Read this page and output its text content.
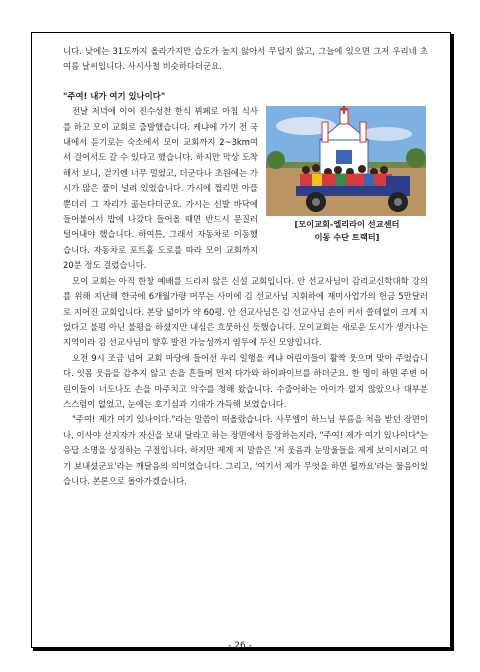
니다. 낮에는 31도까지 올라가지만 습도가 높지 않아서 무덥지 않고, 그늘에 있으면 그저 우리네 초여름 날씨입니다. 사시사철 비슷하다더군요.

"주여! 내가 여기 있나이다"

[모이교회-엘리라이 선교센터
이동 수단 트랙터]

전날 저녁에 이어 진수성찬 한식 뷔페로 아침 식사를 하고 모이 교회로 출발했습니다. 케냐에 가기 전 국내에서 듣기로는 숙소에서 모이 교회까지 2~3km여서 걸어서도 갈 수 있다고 했습니다. 하지만 막상 도착해서 보니, 걷기엔 너무 멀었고, 더군다나 초원에는 가시가 많은 풀이 널려 있었습니다. 가시에 찔리면 아플뿐더러 그 자리가 곪는다더군요. 가시는 신발 바닥에 들어붙어서 밥에 나갔다 들어올 때면 반드시 문질러 털어내야 했습니다. 하여튼, 그래서 자동차로 이동했습니다. 자동차로 포트홀 도로를 따라 모이 교회까지 20분 정도 걸렸습니다.

모이 교회는 아직 한창 예배를 드리지 않은 신설 교회입니다. 안 선교사님이 감리교신학대학 강의를 위해 지난해 한국에 6개월가량 머무는 사이에 김 선교사님 지휘하에 재미사업가의 헌금 5만달러로 지어진 교회입니다. 본당 넓이가 약 60평. 안 선교사님은 김 선교사님 손이 커서 쓸데없이 크게 지었다고 불평 아닌 불평을 하셨지만 내심은 흐뭇하신 듯했습니다. 모이교회는 새로운 도시가 생겨나는 지역이라 김 선교사님이 향후 발전 가능성까지 염두에 두신 모양입니다.

오전 9시 조금 넘어 교회 마당에 들어선 우리 일행을 케냐 어린이들이 활짝 웃으며 맞아 주었습니다. 잇몸 웃음을 감추지 않고 손을 흔들며 먼저 다가와 하이파이브를 하더군요. 한 명이 하면 주변 어린이들이 너도나도 손을 마주치고 악수를 청해 왔습니다. 수줍어하는 아이가 없지 않았으나 대부분 스스럼이 없었고, 눈에는 호기심과 기대가 가득해 보였습니다.

"주여! 제가 여기 있나이다."라는 말씀이 떠올랐습니다. 사무엘이 하느님 부름을 처음 받던 장면이나, 이사야 선지자가 자신을 보내 달라고 하는 장면에서 등장하는지라, "주여! 제가 여기 있나이다"는 응답 소명을 상징하는 구절입니다. 하지만 제게 저 말씀은 '저 웃음과 눈망울들을 제게 보이시려고 여기 보내셨군요'라는 깨달음의 의미였습니다. 그리고, '여기서 제가 무엇을 하면 될까요'라는 물음이었습니다. 본론으로 돌아가겠습니다.

- 26 -
